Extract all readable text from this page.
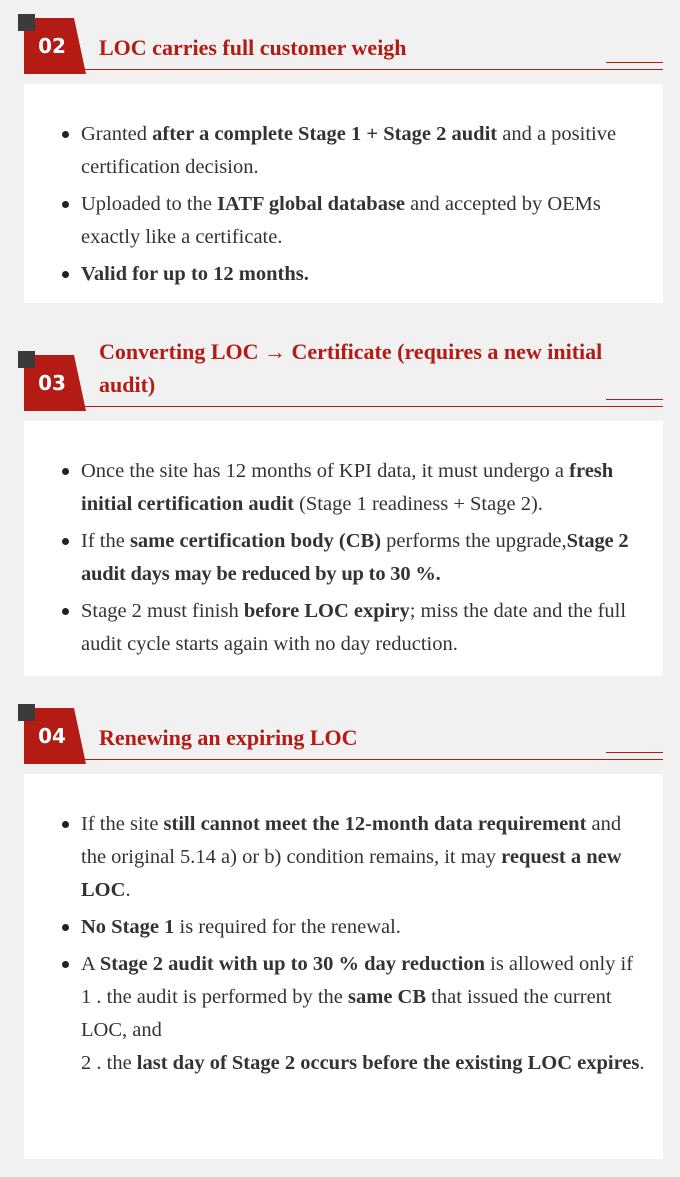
02	LOC carries full customer weigh
Granted after a complete Stage 1 + Stage 2 audit and a positive certification decision.
Uploaded to the IATF global database and accepted by OEMs exactly like a certificate.
Valid for up to 12 months.
03
Converting LOC → Certificate (requires a new initial audit)
Once the site has 12 months of KPI data, it must undergo a fresh initial certification audit (Stage 1 readiness + Stage 2).
If the same certification body (CB) performs the upgrade,Stage 2 audit days may be reduced by up to 30 %.
Stage 2 must finish before LOC expiry; miss the date and the full audit cycle starts again with no day reduction.
04	Renewing an expiring LOC
If the site still cannot meet the 12-month data requirement and the original 5.14 a) or b) condition remains, it may request a new LOC.
No Stage 1 is required for the renewal.
A Stage 2 audit with up to 30 % day reduction is allowed only if
1 . the audit is performed by the same CB that issued the current LOC, and
2 . the last day of Stage 2 occurs before the existing LOC expires.
